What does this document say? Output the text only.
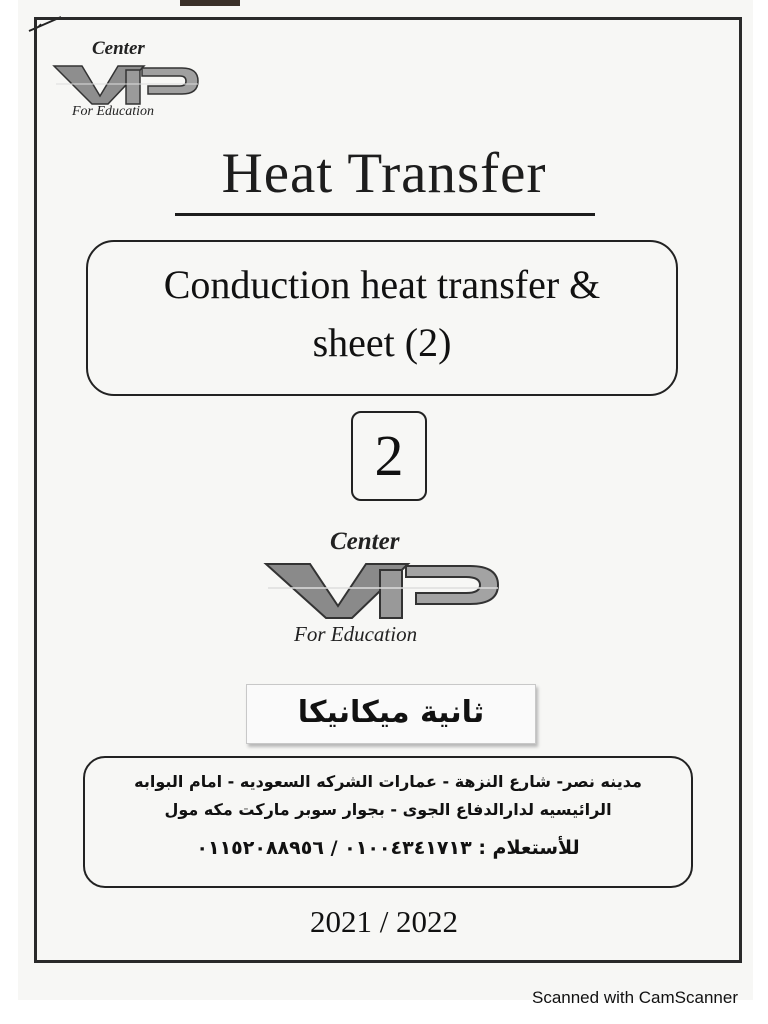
Center
For Education
Heat Transfer
Conduction heat transfer &
sheet (2)
2
Center
For Education
ثانية ميكانيكا
مدينه نصر- شارع النزهة - عمارات الشركه السعوديه - امام البوابه
الرائيسيه لدارالدفاع الجوى - بجوار سوبر ماركت مكه مول
للأستعلام : ٠١٠٠٤٣٤١٧١٣ / ٠١١٥٢٠٨٨٩٥٦
2021 / 2022
Scanned with CamScanner
